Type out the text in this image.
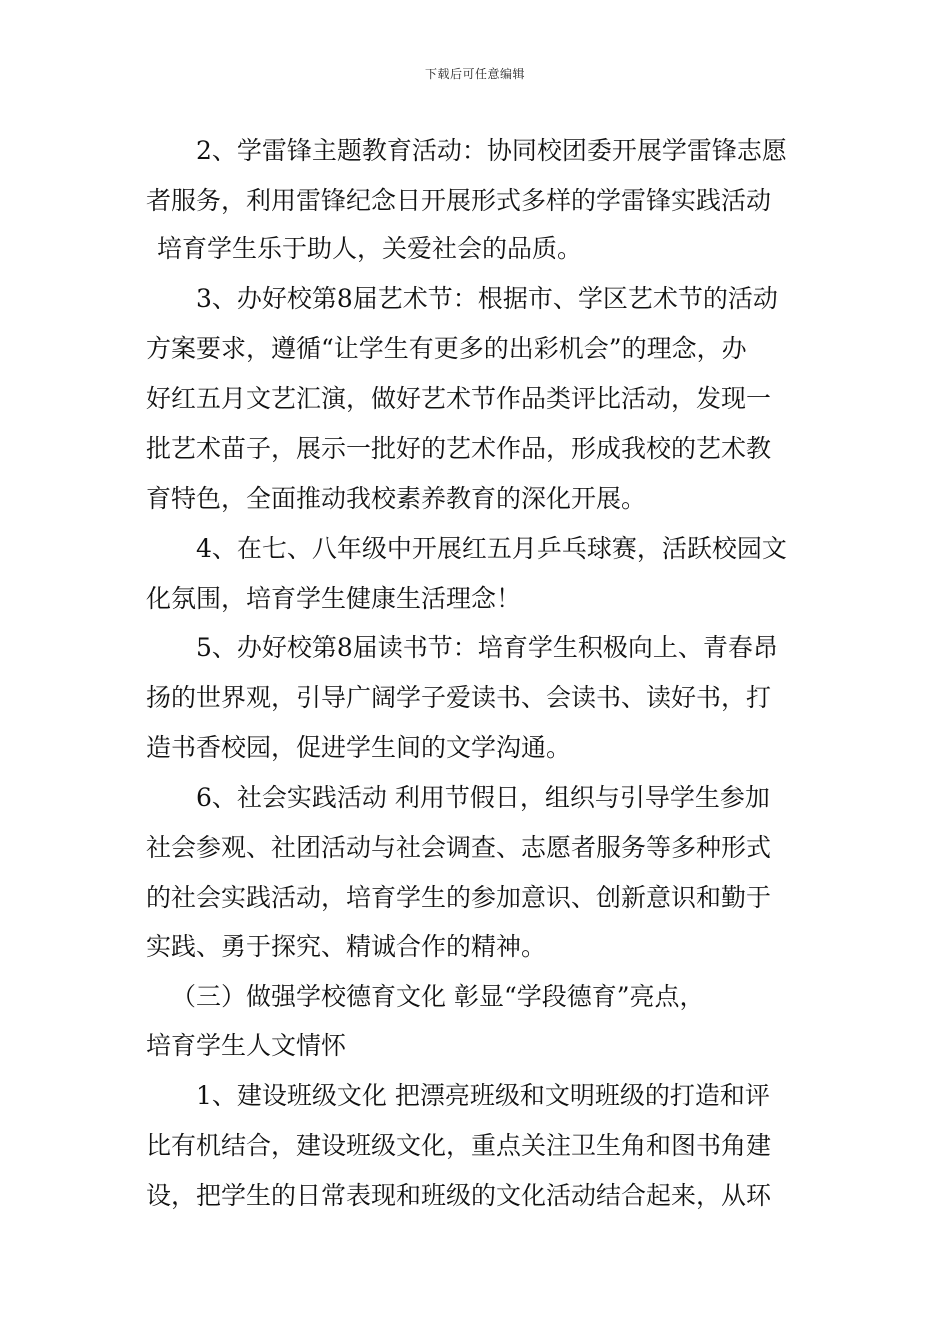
下载后可任意编辑
2、学雷锋主题教育活动：协同校团委开展学雷锋志愿
者服务，利用雷锋纪念日开展形式多样的学雷锋实践活动
培育学生乐于助人，关爱社会的品质。
3、办好校第8届艺术节：根据市、学区艺术节的活动
方案要求，遵循“让学生有更多的出彩机会”的理念，办
好红五月文艺汇演，做好艺术节作品类评比活动，发现一
批艺术苗子，展示一批好的艺术作品，形成我校的艺术教
育特色，全面推动我校素养教育的深化开展。
4、在七、八年级中开展红五月乒乓球赛，活跃校园文
化氛围，培育学生健康生活理念！
5、办好校第8届读书节：培育学生积极向上、青春昂
扬的世界观，引导广阔学子爱读书、会读书、读好书，打
造书香校园，促进学生间的文学沟通。
6、社会实践活动 利用节假日，组织与引导学生参加
社会参观、社团活动与社会调查、志愿者服务等多种形式
的社会实践活动，培育学生的参加意识、创新意识和勤于
实践、勇于探究、精诚合作的精神。
（三）做强学校德育文化 彰显“学段德育”亮点，
培育学生人文情怀
1、建设班级文化 把漂亮班级和文明班级的打造和评
比有机结合，建设班级文化，重点关注卫生角和图书角建
设，把学生的日常表现和班级的文化活动结合起来，从环
